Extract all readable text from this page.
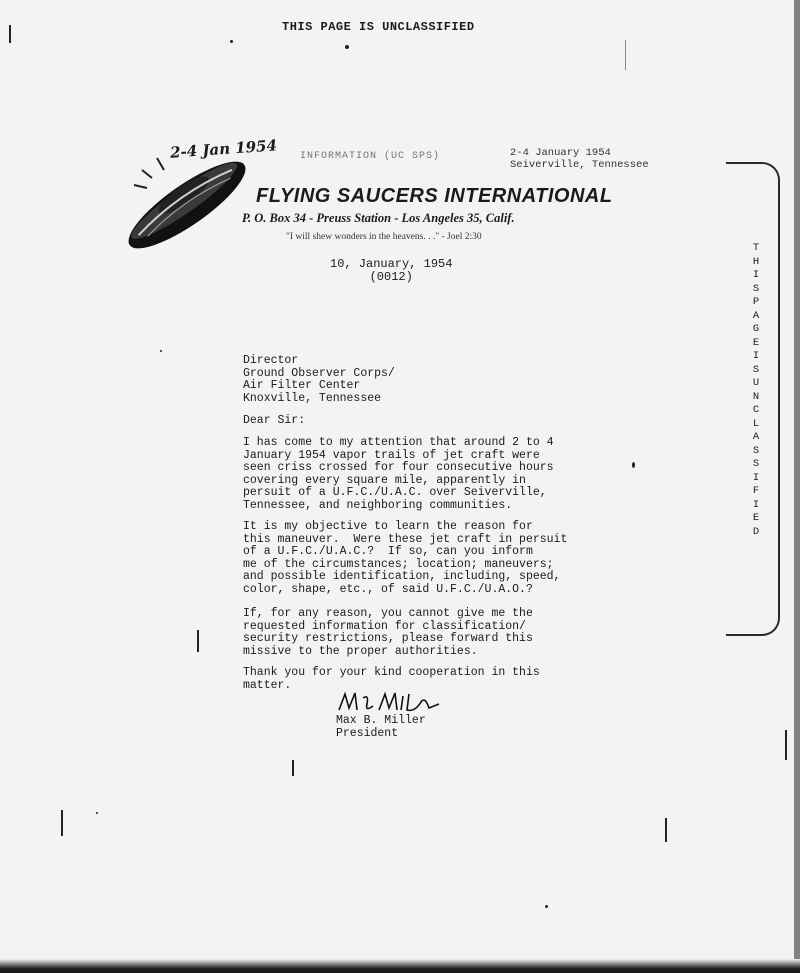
THIS PAGE IS UNCLASSIFIED
2-4 Jan 1954 INFORMATION (UC SPS)	2-4 January 1954
Seiverville, Tennessee
FLYING SAUCERS INTERNATIONAL
P. O. Box 34 - Preuss Station - Los Angeles 35, Calif.
"I will shew wonders in the heavens. . ." - Joel 2:30
10, January, 1954
(0012)
Director
Ground Observer Corps/
Air Filter Center
Knoxville, Tennessee
Dear Sir:
I has come to my attention that around 2 to 4
January 1954 vapor trails of jet craft were
seen criss crossed for four consecutive hours
covering every square mile, apparently in
persuit of a U.F.C./U.A.C. over Seiverville,
Tennessee, and neighboring communities.
It is my objective to learn the reason for
this maneuver.  Were these jet craft in persuit
of a U.F.C./U.A.C.?  If so, can you inform
me of the circumstances; location; maneuvers;
and possible identification, including, speed,
color, shape, etc., of said U.F.C./U.A.O.?
If, for any reason, you cannot give me the
requested information for classification/
security restrictions, please forward this
missive to the proper authorities.
Thank you for your kind cooperation in this
matter.
Max B. Miller
President
THIS PAGE IS UNCLASSIFIED
